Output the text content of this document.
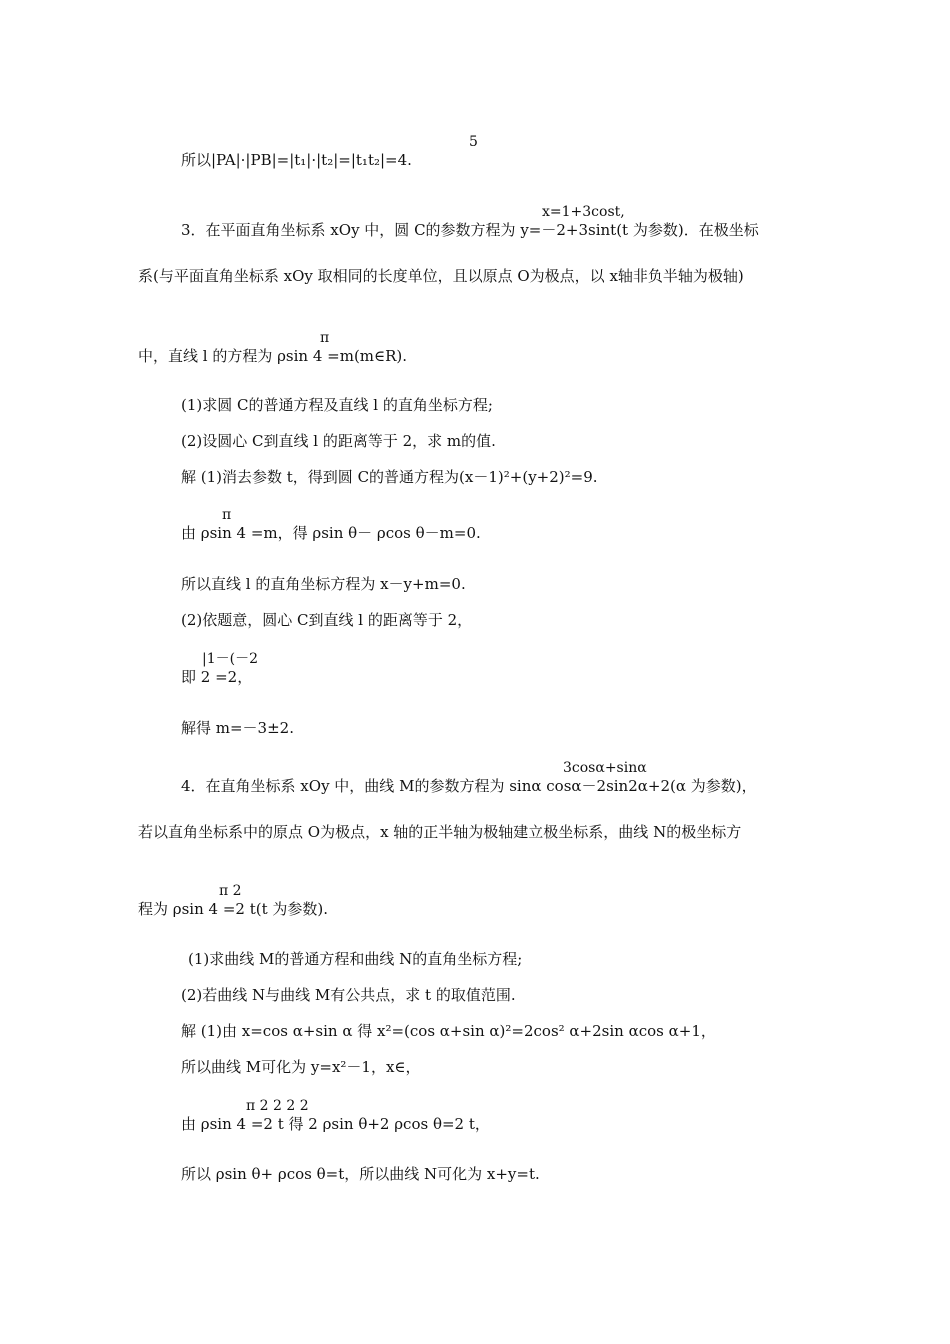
5
所以|PA|·|PB|=|t₁|·|t₂|=|t₁t₂|=4.
x=1+3cost,
3．在平面直角坐标系 xOy 中，圆 C的参数方程为 y=－2+3sint(t 为参数)．在极坐标
系(与平面直角坐标系 xOy 取相同的长度单位，且以原点 O为极点，以 x轴非负半轴为极轴)
π
中，直线 l 的方程为 ρsin 4 =m(m∈R).
(1)求圆 C的普通方程及直线 l 的直角坐标方程;
(2)设圆心 C到直线 l 的距离等于 2，求 m的值.
解 (1)消去参数 t，得到圆 C的普通方程为(x－1)²+(y+2)²=9.
π
由 ρsin 4 =m，得 ρsin θ－ ρcos θ－m=0.
所以直线 l 的直角坐标方程为 x－y+m=0.
(2)依题意，圆心 C到直线 l 的距离等于 2，
|1－(－2
即 2 =2，
解得 m=－3±2.
3cosα+sinα
4．在直角坐标系 xOy 中，曲线 M的参数方程为 sinα cosα－2sin2α+2(α 为参数)，
若以直角坐标系中的原点 O为极点，x 轴的正半轴为极轴建立极坐标系，曲线 N的极坐标方
π 2
程为 ρsin 4 =2 t(t 为参数).
(1)求曲线 M的普通方程和曲线 N的直角坐标方程;
(2)若曲线 N与曲线 M有公共点，求 t 的取值范围.
解 (1)由 x=cos α+sin α 得 x²=(cos α+sin α)²=2cos² α+2sin αcos α+1，
所以曲线 M可化为 y=x²－1，x∈，
π 2 2 2 2
由 ρsin 4 =2 t 得 2 ρsin θ+2 ρcos θ=2 t，
所以 ρsin θ+ ρcos θ=t，所以曲线 N可化为 x+y=t.
